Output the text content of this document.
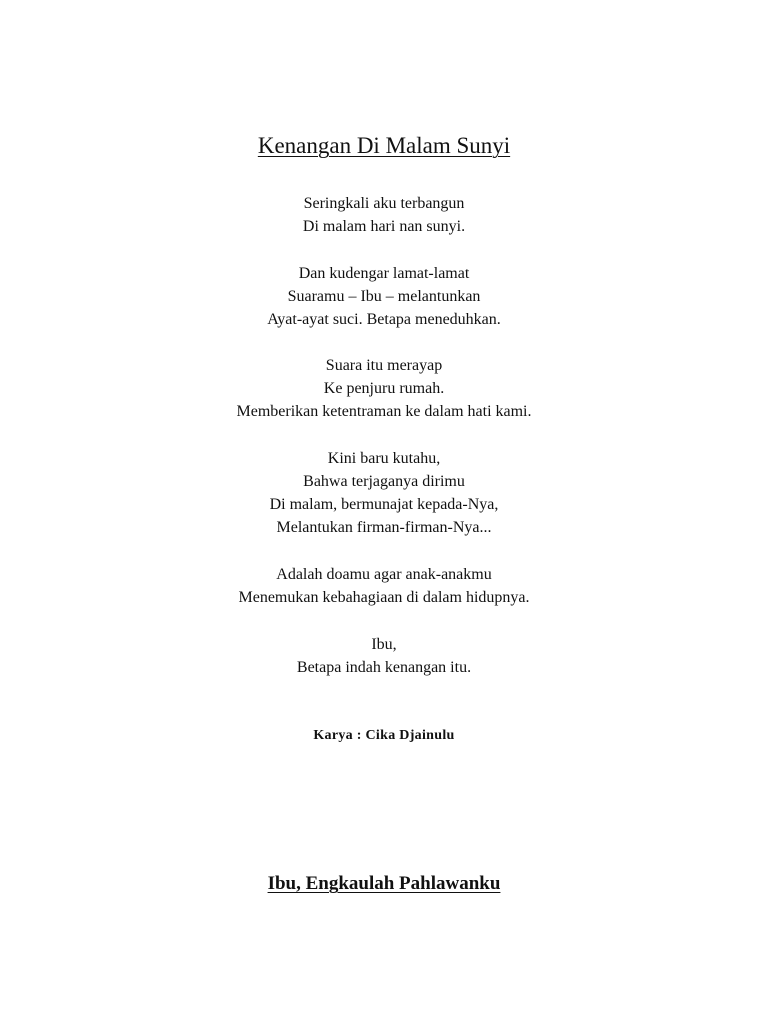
Kenangan Di Malam Sunyi
Seringkali aku terbangun
Di malam hari nan sunyi.
Dan kudengar lamat-lamat
Suaramu – Ibu – melantunkan
Ayat-ayat suci. Betapa meneduhkan.
Suara itu merayap
Ke penjuru rumah.
Memberikan ketentraman ke dalam hati kami.
Kini baru kutahu,
Bahwa terjaganya dirimu
Di malam, bermunajat kepada-Nya,
Melantukan firman-firman-Nya...
Adalah doamu agar anak-anakmu
Menemukan kebahagiaan di dalam hidupnya.
Ibu,
Betapa indah kenangan itu.
Karya : Cika Djainulu
Ibu, Engkaulah Pahlawanku
